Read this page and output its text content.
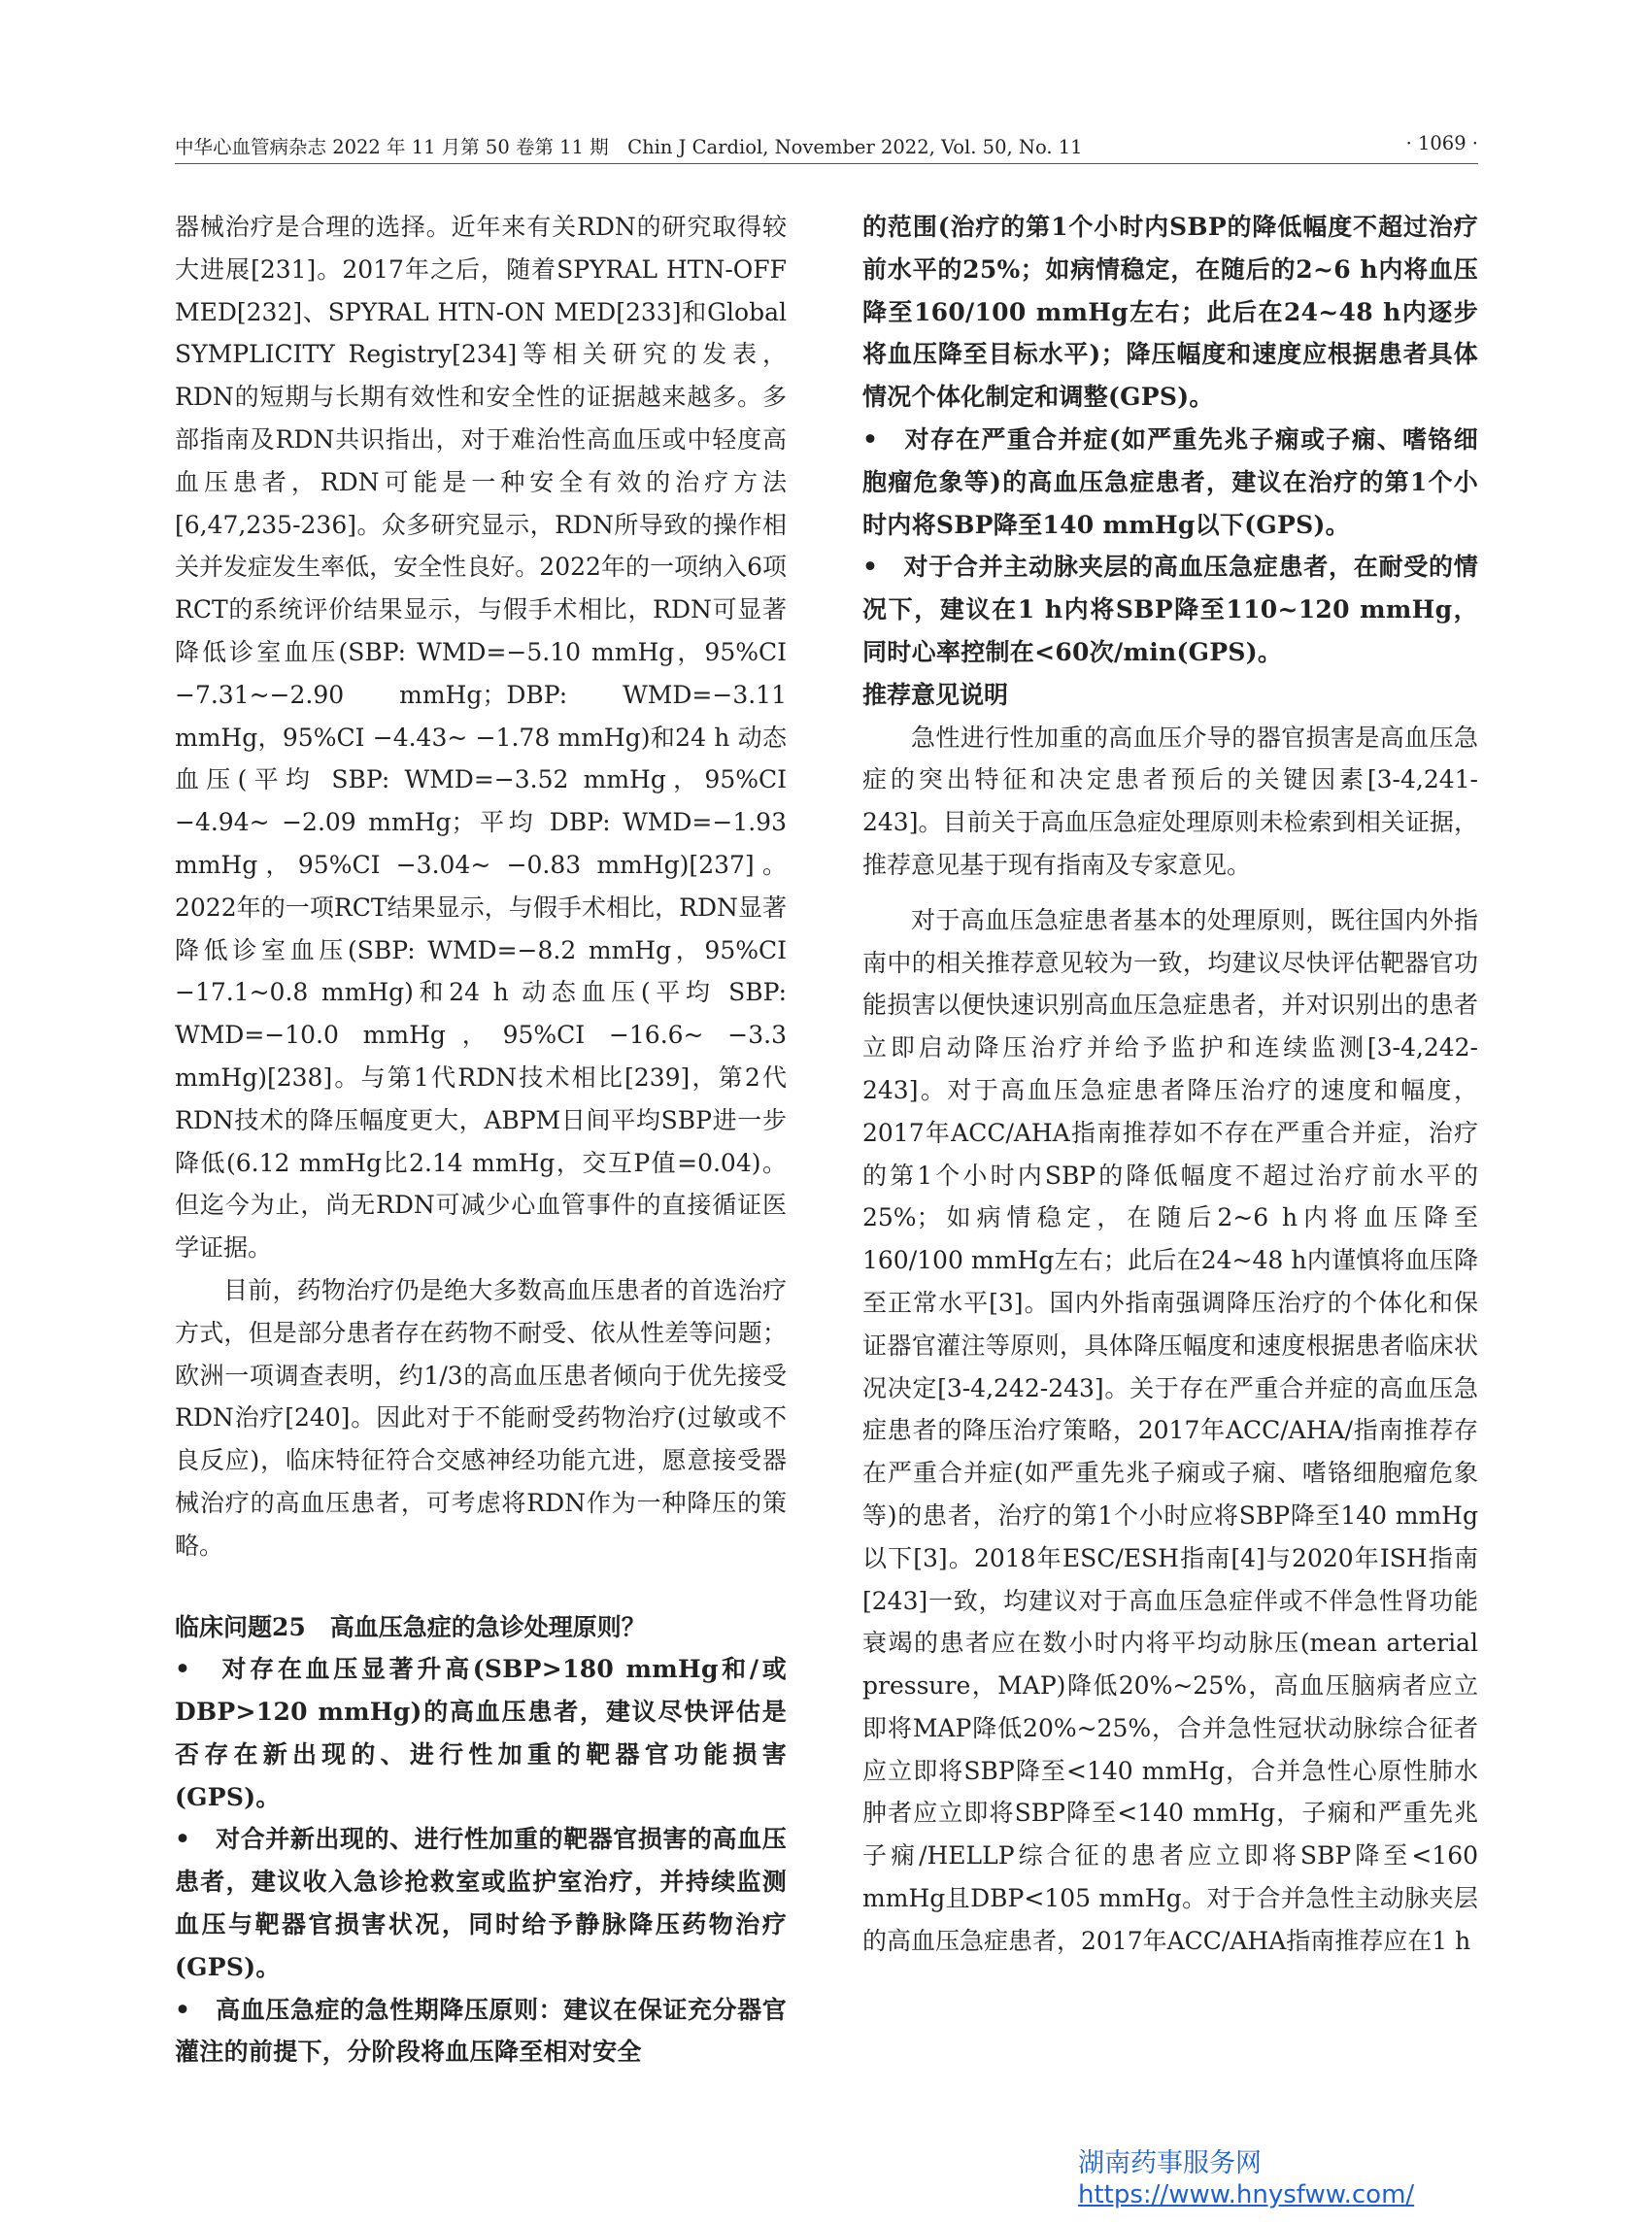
中华心血管病杂志 2022 年 11 月第 50 卷第 11 期　Chin J Cardiol, November 2022, Vol. 50, No. 11	· 1069 ·

器械治疗是合理的选择。近年来有关RDN的研究取得较大进展[231]。2017年之后，随着SPYRAL HTN-OFF MED[232]、SPYRAL HTN-ON MED[233]和Global SYMPLICITY Registry[234]等相关研究的发表，RDN的短期与长期有效性和安全性的证据越来越多。多部指南及RDN共识指出，对于难治性高血压或中轻度高血压患者，RDN可能是一种安全有效的治疗方法[6,47,235-236]。众多研究显示，RDN所导致的操作相关并发症发生率低，安全性良好。2022年的一项纳入6项RCT的系统评价结果显示，与假手术相比，RDN可显著降低诊室血压(SBP: WMD=−5.10 mmHg，95%CI −7.31~−2.90 mmHg；DBP: WMD=−3.11 mmHg，95%CI −4.43~ −1.78 mmHg)和24 h 动态血压(平均 SBP: WMD=−3.52 mmHg，95%CI −4.94~ −2.09 mmHg；平均 DBP: WMD=−1.93 mmHg，95%CI −3.04~ −0.83 mmHg)[237]。2022年的一项RCT结果显示，与假手术相比，RDN显著降低诊室血压(SBP: WMD=−8.2 mmHg，95%CI −17.1~0.8 mmHg)和24 h 动态血压(平均 SBP: WMD=−10.0 mmHg，95%CI −16.6~ −3.3 mmHg)[238]。与第1代RDN技术相比[239]，第2代RDN技术的降压幅度更大，ABPM日间平均SBP进一步降低(6.12 mmHg比2.14 mmHg，交互P值=0.04)。但迄今为止，尚无RDN可减少心血管事件的直接循证医学证据。

目前，药物治疗仍是绝大多数高血压患者的首选治疗方式，但是部分患者存在药物不耐受、依从性差等问题；欧洲一项调查表明，约1/3的高血压患者倾向于优先接受RDN治疗[240]。因此对于不能耐受药物治疗(过敏或不良反应)，临床特征符合交感神经功能亢进，愿意接受器械治疗的高血压患者，可考虑将RDN作为一种降压的策略。

临床问题25　高血压急症的急诊处理原则？

•　对存在血压显著升高(SBP>180 mmHg和/或DBP>120 mmHg)的高血压患者，建议尽快评估是否存在新出现的、进行性加重的靶器官功能损害(GPS)。

•　对合并新出现的、进行性加重的靶器官损害的高血压患者，建议收入急诊抢救室或监护室治疗，并持续监测血压与靶器官损害状况，同时给予静脉降压药物治疗(GPS)。

•　高血压急症的急性期降压原则：建议在保证充分器官灌注的前提下，分阶段将血压降至相对安全

的范围(治疗的第1个小时内SBP的降低幅度不超过治疗前水平的25%；如病情稳定，在随后的2~6 h内将血压降至160/100 mmHg左右；此后在24~48 h内逐步将血压降至目标水平)；降压幅度和速度应根据患者具体情况个体化制定和调整(GPS)。

•　对存在严重合并症(如严重先兆子痫或子痫、嗜铬细胞瘤危象等)的高血压急症患者，建议在治疗的第1个小时内将SBP降至140 mmHg以下(GPS)。

•　对于合并主动脉夹层的高血压急症患者，在耐受的情况下，建议在1 h内将SBP降至110~120 mmHg，同时心率控制在<60次/min(GPS)。

推荐意见说明

急性进行性加重的高血压介导的器官损害是高血压急症的突出特征和决定患者预后的关键因素[3-4,241-243]。目前关于高血压急症处理原则未检索到相关证据，推荐意见基于现有指南及专家意见。

对于高血压急症患者基本的处理原则，既往国内外指南中的相关推荐意见较为一致，均建议尽快评估靶器官功能损害以便快速识别高血压急症患者，并对识别出的患者立即启动降压治疗并给予监护和连续监测[3-4,242-243]。对于高血压急症患者降压治疗的速度和幅度，2017年ACC/AHA指南推荐如不存在严重合并症，治疗的第1个小时内SBP的降低幅度不超过治疗前水平的25%；如病情稳定，在随后2~6 h内将血压降至160/100 mmHg左右；此后在24~48 h内谨慎将血压降至正常水平[3]。国内外指南强调降压治疗的个体化和保证器官灌注等原则，具体降压幅度和速度根据患者临床状况决定[3-4,242-243]。关于存在严重合并症的高血压急症患者的降压治疗策略，2017年ACC/AHA/指南推荐存在严重合并症(如严重先兆子痫或子痫、嗜铬细胞瘤危象等)的患者，治疗的第1个小时应将SBP降至140 mmHg以下[3]。2018年ESC/ESH指南[4]与2020年ISH指南[243]一致，均建议对于高血压急症伴或不伴急性肾功能衰竭的患者应在数小时内将平均动脉压(mean arterial pressure，MAP)降低20%~25%，高血压脑病者应立即将MAP降低20%~25%，合并急性冠状动脉综合征者应立即将SBP降至<140 mmHg，合并急性心原性肺水肿者应立即将SBP降至<140 mmHg，子痫和严重先兆子痫/HELLP综合征的患者应立即将SBP降至<160 mmHg且DBP<105 mmHg。对于合并急性主动脉夹层的高血压急症患者，2017年ACC/AHA指南推荐应在1 h

湖南药事服务网
https://www.hnysfww.com/
